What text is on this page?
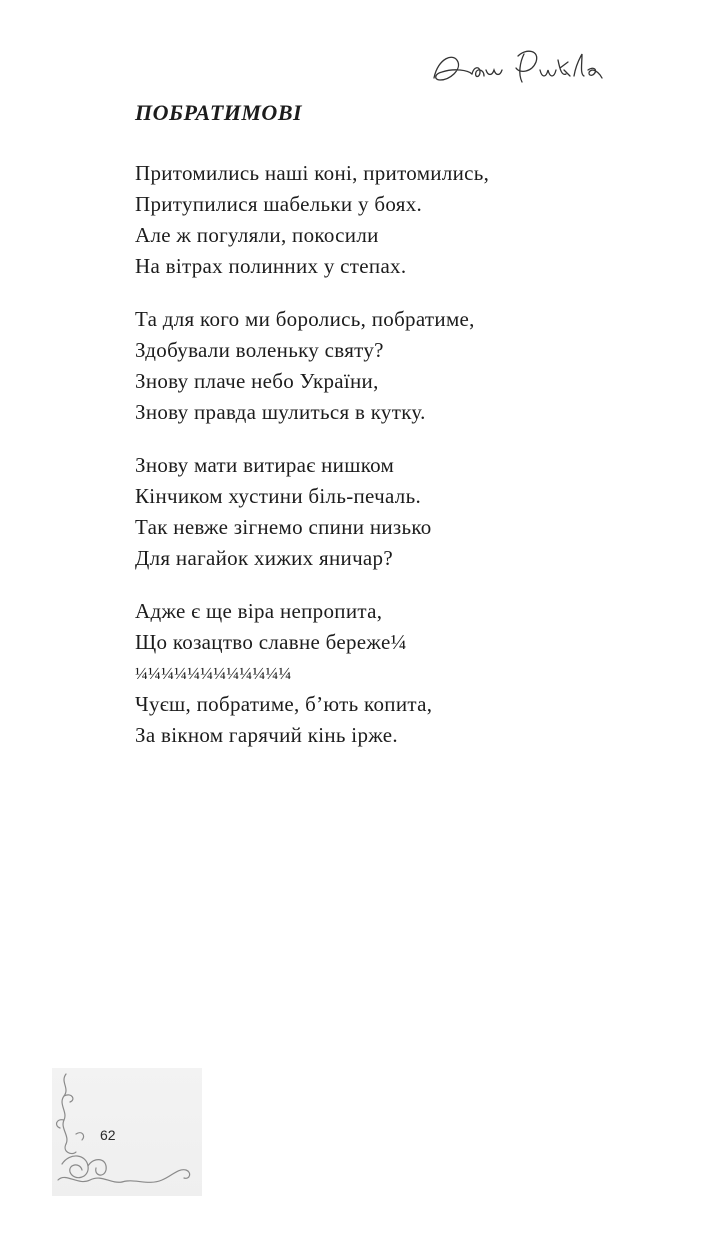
ПОБРАТИМОВІ
Притомились наші коні, притомились,
Притупилися шабельки у боях.
Але ж погуляли, покосили
На вітрах полинних у степах.
Та для кого ми боролись, побратиме,
Здобували воленьку святу?
Знову плаче небо України,
Знову правда шулиться в кутку.
Знову мати витирає нишком
Кінчиком хустини біль-печаль.
Так невже зігнемо спини низько
Для нагайок хижих яничар?
Адже є ще віра непропита,
Що козацтво славне береже¼
¼¼¼¼¼¼¼¼¼¼¼¼
Чуєш, побратиме, б’ють копита,
За вікном гарячий кінь ірже.
62
